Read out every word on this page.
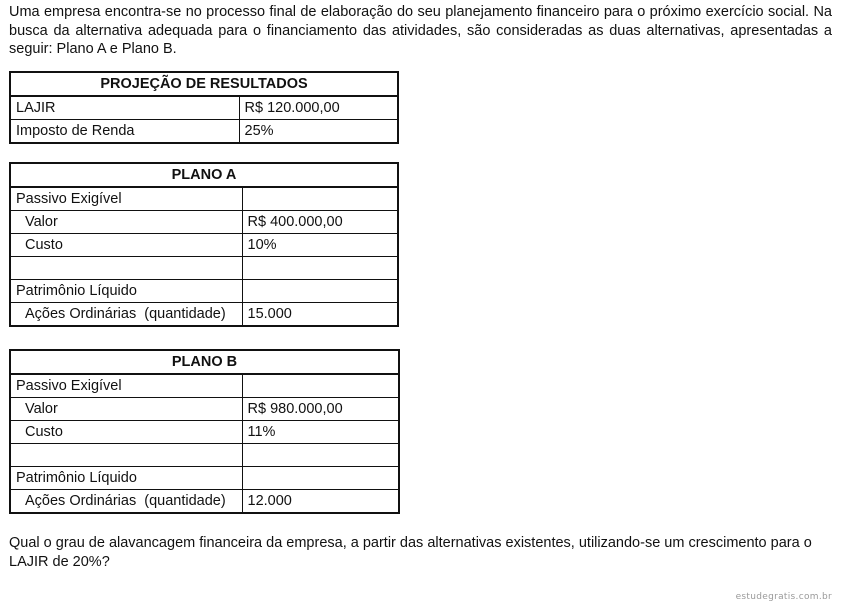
Uma empresa encontra-se no processo final de elaboração do seu planejamento financeiro para o próximo exercício social. Na busca da alternativa adequada para o financiamento das atividades, são consideradas as duas alternativas, apresentadas a seguir: Plano A e Plano B.

PROJEÇÃO DE RESULTADOS	
LAJIR	R$ 120.000,00
Imposto de Renda	25%
PLANO A	
Passivo Exigível	
Valor	R$ 400.000,00
Custo	10%

Patrimônio Líquido	
Ações Ordinárias  (quantidade)	15.000
PLANO B	
Passivo Exigível	
Valor	R$ 980.000,00
Custo	11%

Patrimônio Líquido	
Ações Ordinárias  (quantidade)	12.000

Qual o grau de alavancagem financeira da empresa, a partir das alternativas existentes, utilizando-se um crescimento para o LAJIR de 20%?

estudegratis.com.br
